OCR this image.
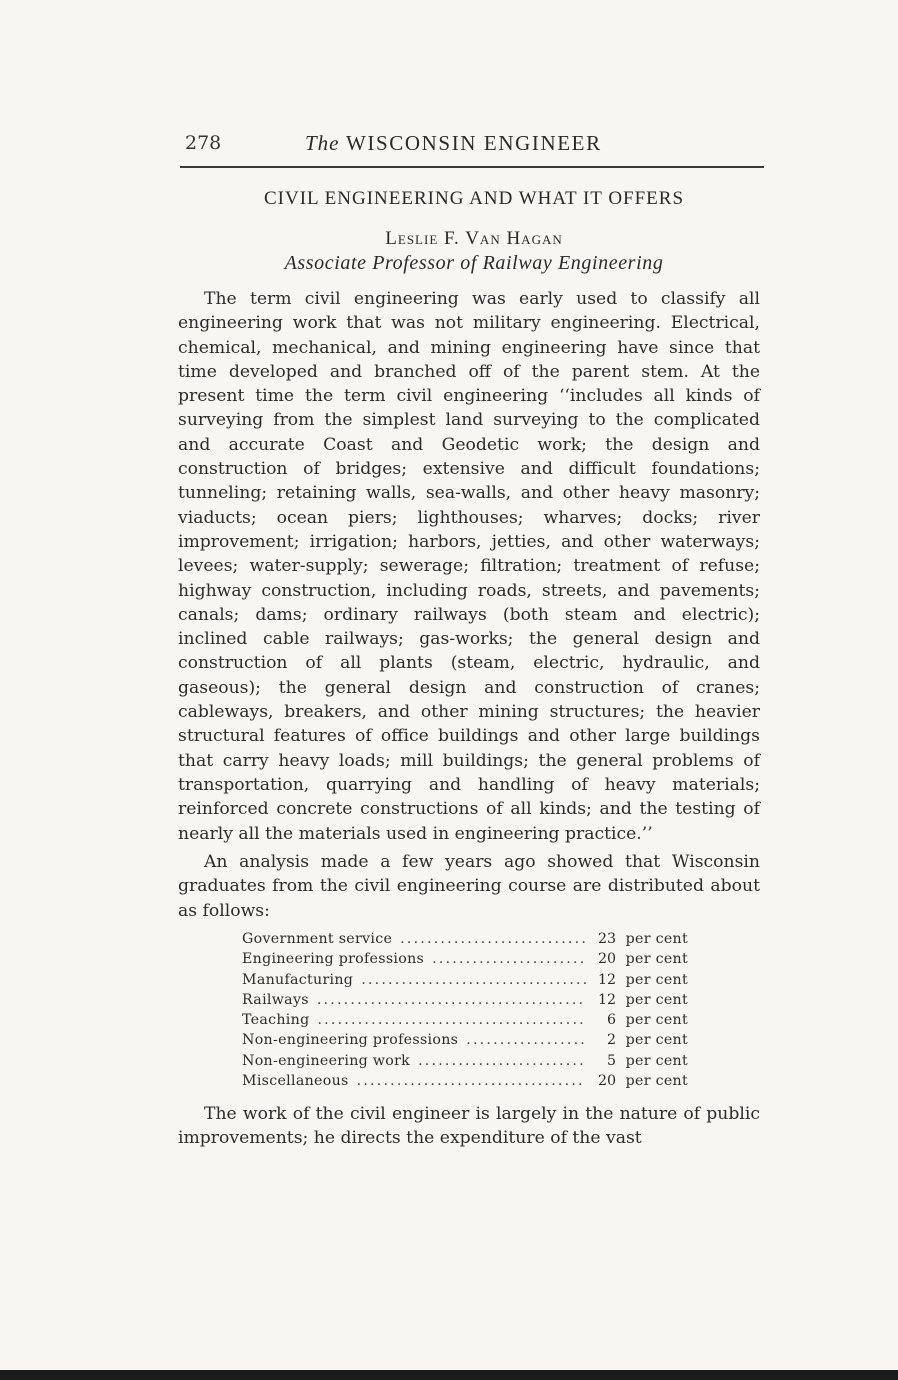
278	The WISCONSIN ENGINEER
CIVIL ENGINEERING AND WHAT IT OFFERS
Leslie F. Van Hagan
Associate Professor of Railway Engineering

The term civil engineering was early used to classify all engineering work that was not military engineering. Electrical, chemical, mechanical, and mining engineering have since that time developed and branched off of the parent stem. At the present time the term civil engineering ‘‘includes all kinds of surveying from the simplest land surveying to the complicated and accurate Coast and Geodetic work; the design and construction of bridges; extensive and difficult foundations; tunneling; retaining walls, sea-walls, and other heavy masonry; viaducts; ocean piers; lighthouses; wharves; docks; river improvement; irrigation; harbors, jetties, and other waterways; levees; water-supply; sewerage; filtration; treatment of refuse; highway construction, including roads, streets, and pavements; canals; dams; ordinary railways (both steam and electric); inclined cable railways; gas-works; the general design and construction of all plants (steam, electric, hydraulic, and gaseous); the general design and construction of cranes; cableways, breakers, and other mining structures; the heavier structural features of office buildings and other large buildings that carry heavy loads; mill buildings; the general problems of transportation, quarrying and handling of heavy materials; reinforced concrete constructions of all kinds; and the testing of nearly all the materials used in engineering practice.’’

An analysis made a few years ago showed that Wisconsin graduates from the civil engineering course are distributed about as follows:

Government service .....	23 per cent
Engineering professions .....	20 per cent
Manufacturing .....	12 per cent
Railways .....	12 per cent
Teaching .....	6 per cent
Non-engineering professions .....	2 per cent
Non-engineering work .....	5 per cent
Miscellaneous .....	20 per cent

The work of the civil engineer is largely in the nature of public improvements; he directs the expenditure of the vast
